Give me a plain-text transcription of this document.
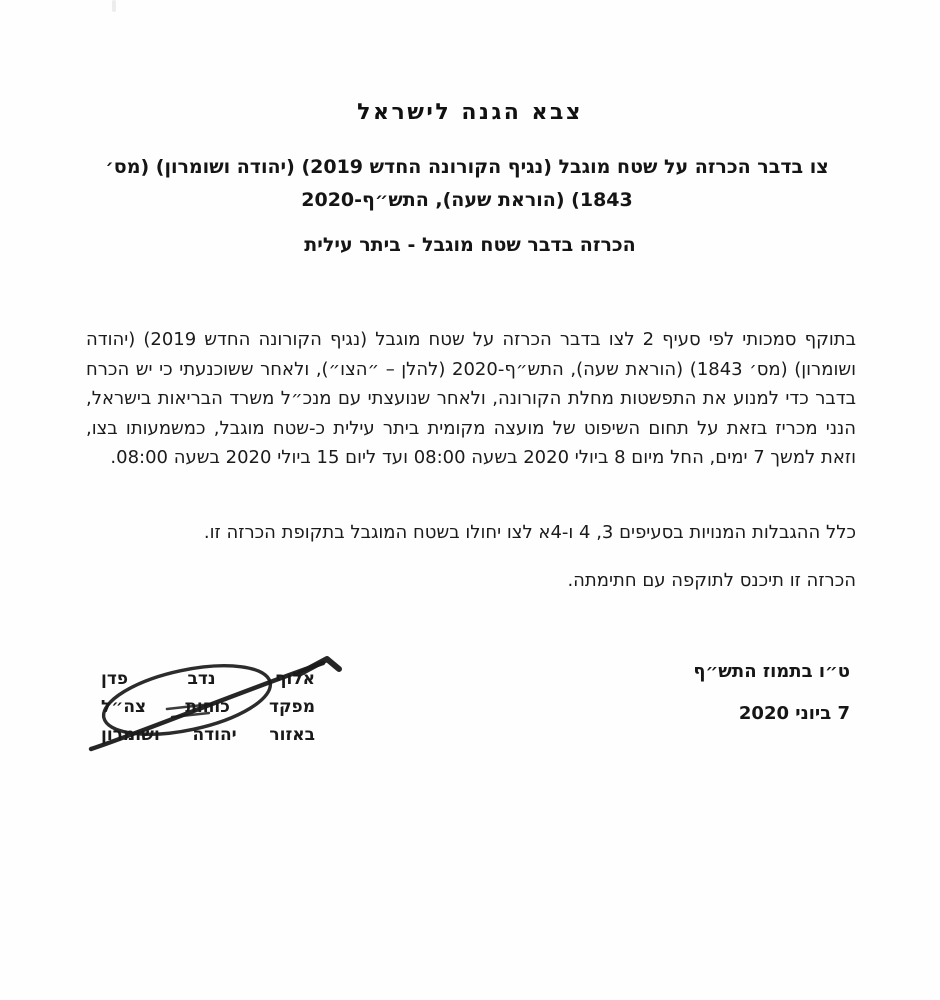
צבא הגנה לישראל
צו בדבר הכרזה על שטח מוגבל (נגיף הקורונה החדש 2019) (יהודה ושומרון) (מס׳ 1843) (הוראת שעה), התש״ף-2020
הכרזה בדבר שטח מוגבל - ביתר עילית

בתוקף סמכותי לפי סעיף 2 לצו בדבר הכרזה על שטח מוגבל (נגיף הקורונה החדש 2019) (יהודה ושומרון) (מס׳ 1843) (הוראת שעה), התש״ף-2020 (להלן – ״הצו״), ולאחר ששוכנעתי כי יש הכרח בדבר כדי למנוע את התפשטות מחלת הקורונה, ולאחר שנועצתי עם מנכ״ל משרד הבריאות בישראל, הנני מכריז בזאת על תחום השיפוט של מועצה מקומית ביתר עילית כ-שטח מוגבל, כמשמעותו בצו, וזאת למשך 7 ימים, החל מיום 8 ביולי 2020 בשעה 08:00 ועד ליום 15 ביולי 2020 בשעה 08:00.

כלל ההגבלות המנויות בסעיפים 3, 4 ו-4א לצו יחולו בשטח המוגבל בתקופת הכרזה זו.

הכרזה זו תיכנס לתוקפה עם חתימתה.

אלוף
נדב
פדן
מפקד
כוחות
צה״ל
באזור
יהודה
ושומרון
ט״ו בתמוז התש״ף
7 ביוני 2020
